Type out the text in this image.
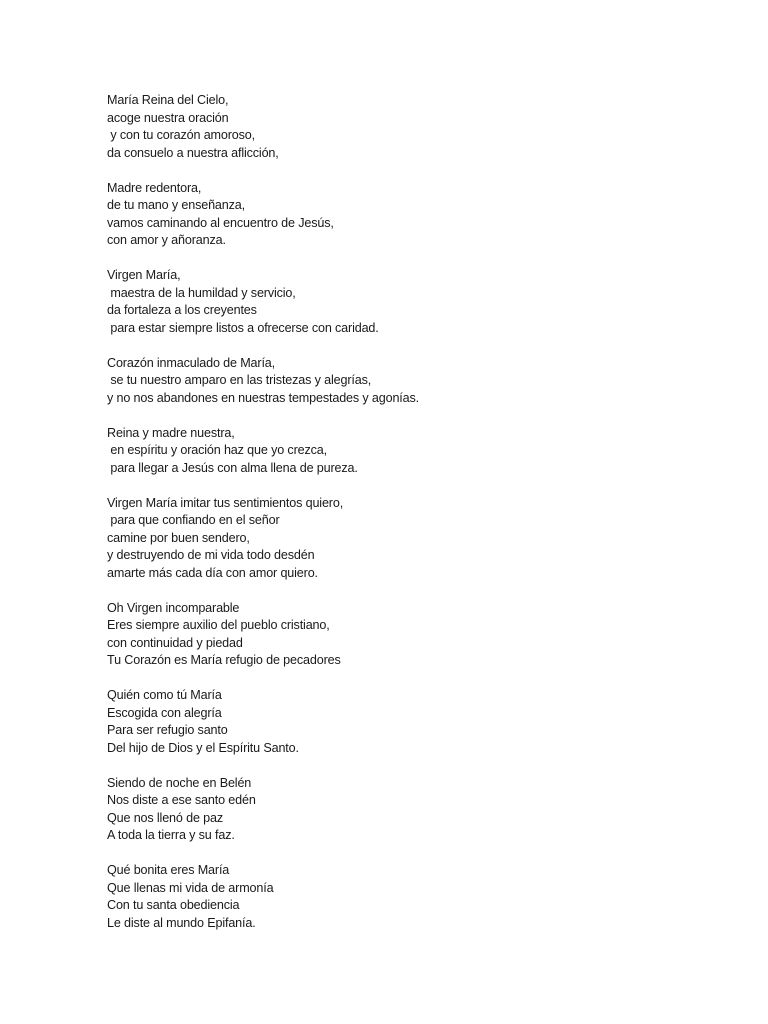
María Reina del Cielo,
acoge nuestra oración
y con tu corazón amoroso,
da consuelo a nuestra aflicción,
Madre redentora,
de tu mano y enseñanza,
vamos caminando al encuentro de Jesús,
con amor y añoranza.
Virgen María,
maestra de la humildad y servicio,
da fortaleza a los creyentes
para estar siempre listos a ofrecerse con caridad.
Corazón inmaculado de María,
se tu nuestro amparo en las tristezas y alegrías,
y no nos abandones en nuestras tempestades y agonías.
Reina y madre nuestra,
en espíritu y oración haz que yo crezca,
para llegar a Jesús con alma llena de pureza.
Virgen María imitar tus sentimientos quiero,
para que confiando en el señor
camine por buen sendero,
y destruyendo de mi vida todo desdén
amarte más cada día con amor quiero.
Oh Virgen incomparable
Eres siempre auxilio del pueblo cristiano,
con continuidad y piedad
Tu Corazón es María refugio de pecadores
Quién como tú María
Escogida con alegría
Para ser refugio santo
Del hijo de Dios y el Espíritu Santo.
Siendo de noche en Belén
Nos diste a ese santo edén
Que nos llenó de paz
A toda la tierra y su faz.
Qué bonita eres María
Que llenas mi vida de armonía
Con tu santa obediencia
Le diste al mundo Epifanía.
